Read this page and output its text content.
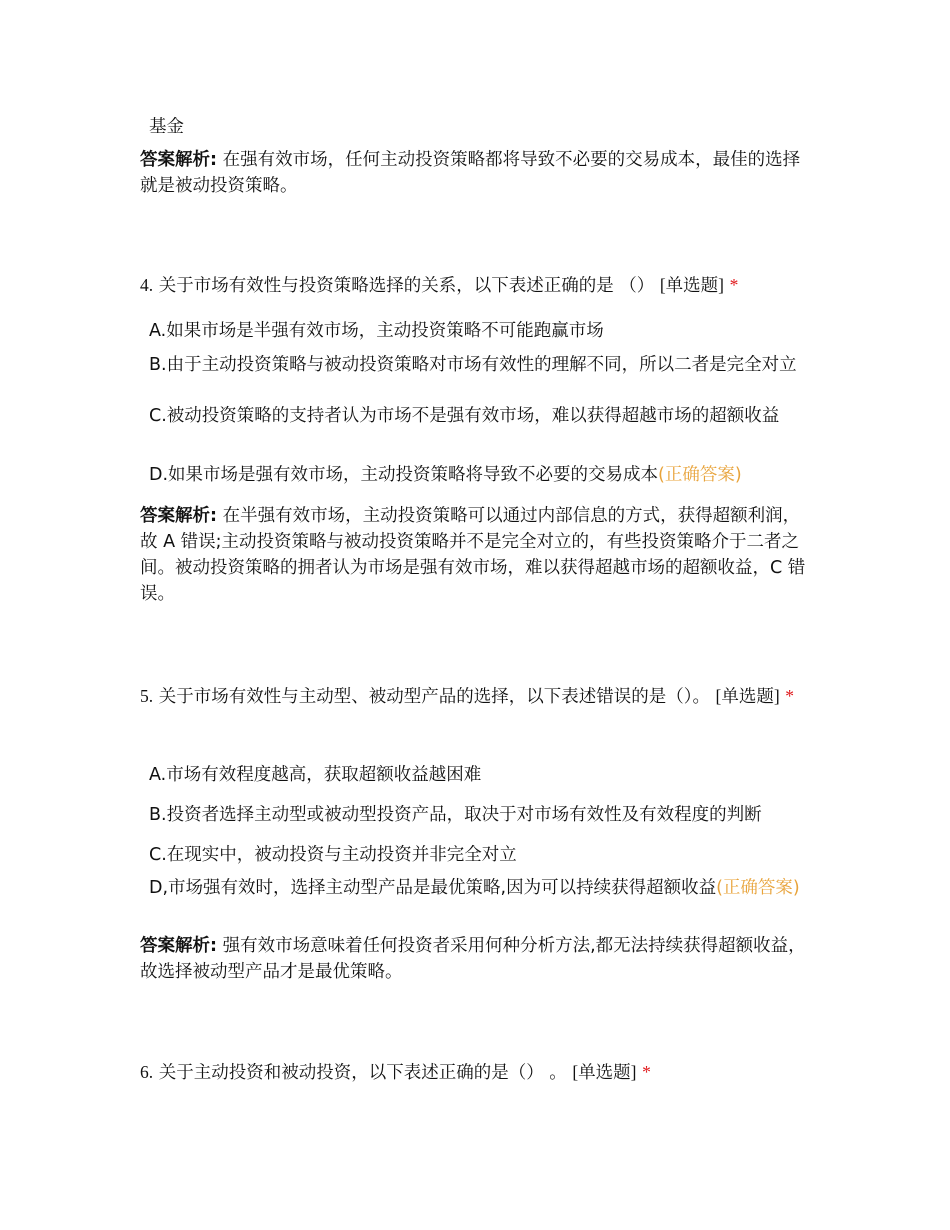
基金
答案解析: 在强有效市场，任何主动投资策略都将导致不必要的交易成本，最佳的选择就是被动投资策略。
4. 关于市场有效性与投资策略选择的关系，以下表述正确的是 （） [单选题] *
A.如果市场是半强有效市场，主动投资策略不可能跑赢市场
B.由于主动投资策略与被动投资策略对市场有效性的理解不同，所以二者是完全对立
C.被动投资策略的支持者认为市场不是强有效市场，难以获得超越市场的超额收益
D.如果市场是强有效市场，主动投资策略将导致不必要的交易成本(正确答案)
答案解析: 在半强有效市场，主动投资策略可以通过内部信息的方式，获得超额利润，故 A 错误;主动投资策略与被动投资策略并不是完全对立的，有些投资策略介于二者之间。被动投资策略的拥者认为市场是强有效市场，难以获得超越市场的超额收益，C 错误。
5. 关于市场有效性与主动型、被动型产品的选择，以下表述错误的是（）。 [单选题] *
A.市场有效程度越高，获取超额收益越困难
B.投资者选择主动型或被动型投资产品，取决于对市场有效性及有效程度的判断
C.在现实中，被动投资与主动投资并非完全对立
D,市场强有效时，选择主动型产品是最优策略,因为可以持续获得超额收益(正确答案)
答案解析: 强有效市场意味着任何投资者采用何种分析方法,都无法持续获得超额收益，故选择被动型产品才是最优策略。
6. 关于主动投资和被动投资，以下表述正确的是（） 。 [单选题] *
